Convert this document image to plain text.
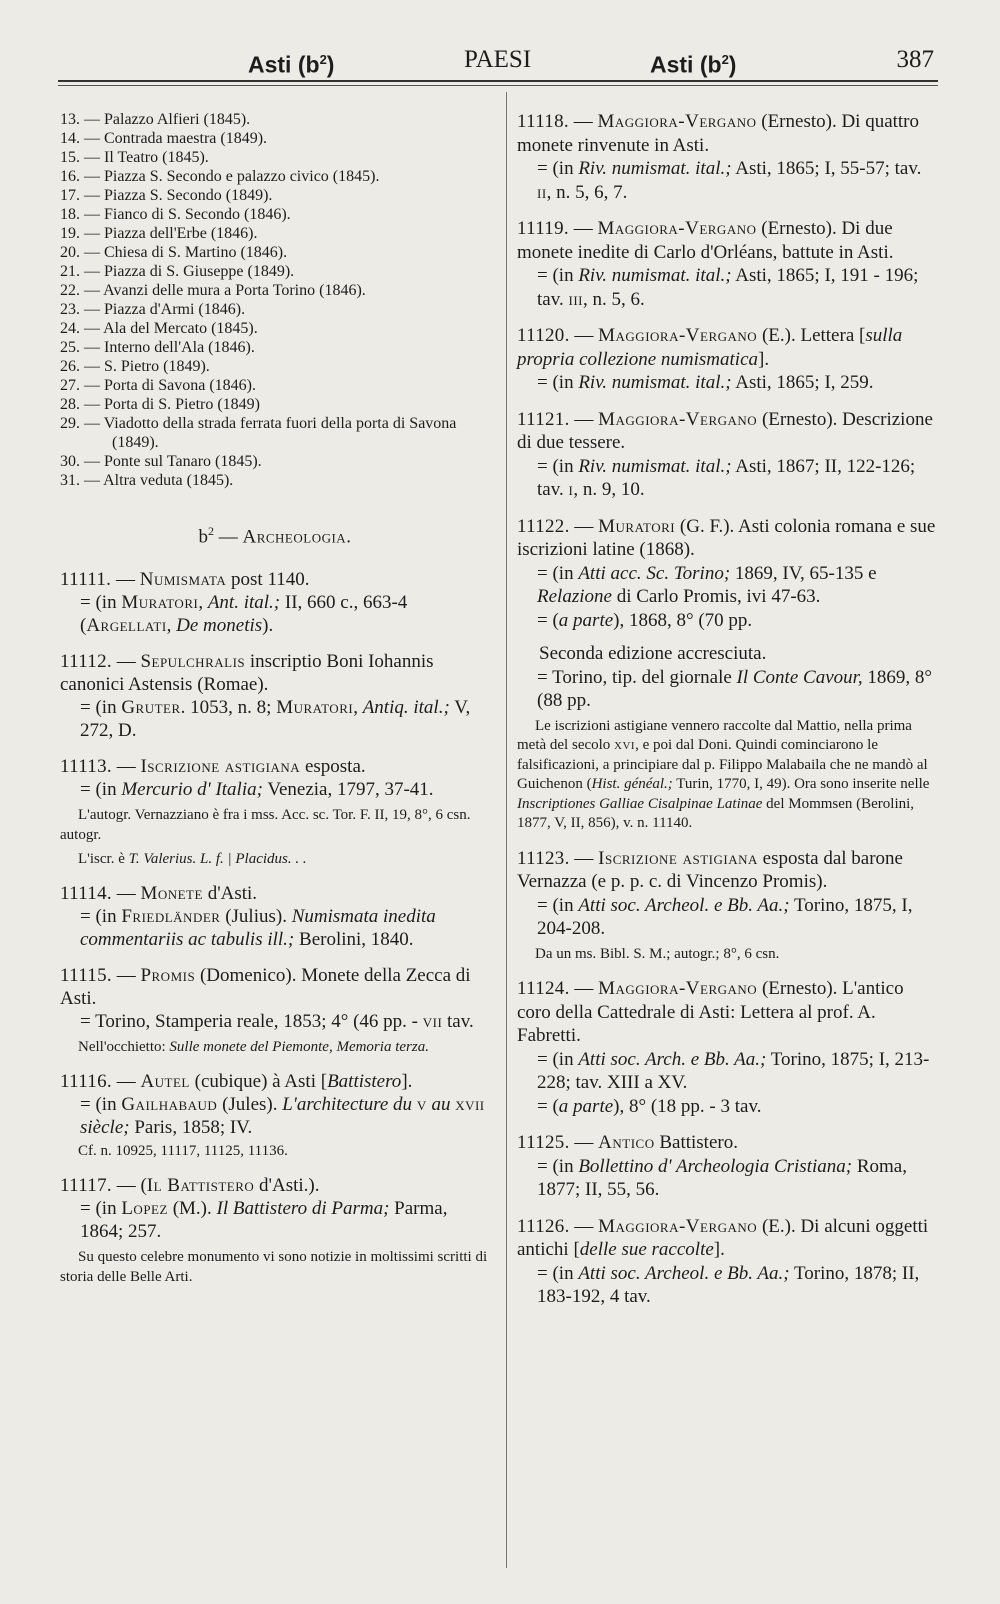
Asti $(b^2)$	PAESI	Asti $(b^2)$	387
13. — Palazzo Alfieri (1845).
14. — Contrada maestra (1849).
15. — Il Teatro (1845).
16. — Piazza S. Secondo e palazzo civico (1845).
17. — Piazza S. Secondo (1849).
18. — Fianco di S. Secondo (1846).
19. — Piazza dell'Erbe (1846).
20. — Chiesa di S. Martino (1846).
21. — Piazza di S. Giuseppe (1849).
22. — Avanzi delle mura a Porta Torino (1846).
23. — Piazza d'Armi (1846).
24. — Ala del Mercato (1845).
25. — Interno dell'Ala (1846).
26. — S. Pietro (1849).
27. — Porta di Savona (1846).
28. — Porta di S. Pietro (1849)
29. — Viadotto della strada ferrata fuori della porta di Savona (1849).
30. — Ponte sul Tanaro (1845).
31. — Altra veduta (1845).
$b^2$ — Archeologia.

11111. — Numismata post 1140.

= (in Muratori, Ant. ital.; II, 660 c., 663-4 (Argellati, De monetis).

11112. — Sepulchralis inscriptio Boni Iohannis canonici Astensis (Romae).

= (in Gruter. 1053, n. 8; Muratori, Antiq. ital.; V, 272, D.

11113. — Iscrizione astigiana esposta.

= (in Mercurio d' Italia; Venezia, 1797, 37-41.

L'autogr. Vernazziano è fra i mss. Acc. sc. Tor. F. II, 19, 8°, 6 csn. autogr.

L'iscr. è T. Valerius. L. f. | Placidus. . .

11114. — Monete d'Asti.

= (in Friedländer (Julius). Numismata inedita commentariis ac tabulis ill.; Berolini, 1840.

11115. — Promis (Domenico). Monete della Zecca di Asti.

= Torino, Stamperia reale, 1853; 4° (46 pp. - vii tav.

Nell'occhietto: Sulle monete del Piemonte, Memoria terza.

11116. — Autel (cubique) à Asti [Battistero].

= (in Gailhabaud (Jules). L'architecture du v au xvii siècle; Paris, 1858; IV.

Cf. n. 10925, 11117, 11125, 11136.

11117. — (Il Battistero d'Asti.).

= (in Lopez (M.). Il Battistero di Parma; Parma, 1864; 257.

Su questo celebre monumento vi sono notizie in moltissimi scritti di storia delle Belle Arti.

11118. — Maggiora-Vergano (Ernesto). Di quattro monete rinvenute in Asti.

= (in Riv. numismat. ital.; Asti, 1865; I, 55-57; tav. ii, n. 5, 6, 7.

11119. — Maggiora-Vergano (Ernesto). Di due monete inedite di Carlo d'Orléans, battute in Asti.

= (in Riv. numismat. ital.; Asti, 1865; I, 191 - 196; tav. iii, n. 5, 6.

11120. — Maggiora-Vergano (E.). Lettera [sulla propria collezione numismatica].

= (in Riv. numismat. ital.; Asti, 1865; I, 259.

11121. — Maggiora-Vergano (Ernesto). Descrizione di due tessere.

= (in Riv. numismat. ital.; Asti, 1867; II, 122-126; tav. i, n. 9, 10.

11122. — Muratori (G. F.). Asti colonia romana e sue iscrizioni latine (1868).

= (in Atti acc. Sc. Torino; 1869, IV, 65-135 e Relazione di Carlo Promis, ivi 47-63.

= (a parte), 1868, 8° (70 pp.

Seconda edizione accresciuta.

= Torino, tip. del giornale Il Conte Cavour, 1869, 8° (88 pp.

Le iscrizioni astigiane vennero raccolte dal Mattio, nella prima metà del secolo xvi, e poi dal Doni. Quindi cominciarono le falsificazioni, a principiare dal p. Filippo Malabaila che ne mandò al Guichenon (Hist. généal.; Turin, 1770, I, 49). Ora sono inserite nelle Inscriptiones Galliae Cisalpinae Latinae del Mommsen (Berolini, 1877, V, II, 856), v. n. 11140.

11123. — Iscrizione astigiana esposta dal barone Vernazza (e p. p. c. di Vincenzo Promis).

= (in Atti soc. Archeol. e Bb. Aa.; Torino, 1875, I, 204-208.

Da un ms. Bibl. S. M.; autogr.; 8°, 6 csn.

11124. — Maggiora-Vergano (Ernesto). L'antico coro della Cattedrale di Asti: Lettera al prof. A. Fabretti.

= (in Atti soc. Arch. e Bb. Aa.; Torino, 1875; I, 213-228; tav. XIII a XV.

= (a parte), 8° (18 pp. - 3 tav.

11125. — Antico Battistero.

= (in Bollettino d' Archeologia Cristiana; Roma, 1877; II, 55, 56.

11126. — Maggiora-Vergano (E.). Di alcuni oggetti antichi [delle sue raccolte].

= (in Atti soc. Archeol. e Bb. Aa.; Torino, 1878; II, 183-192, 4 tav.
